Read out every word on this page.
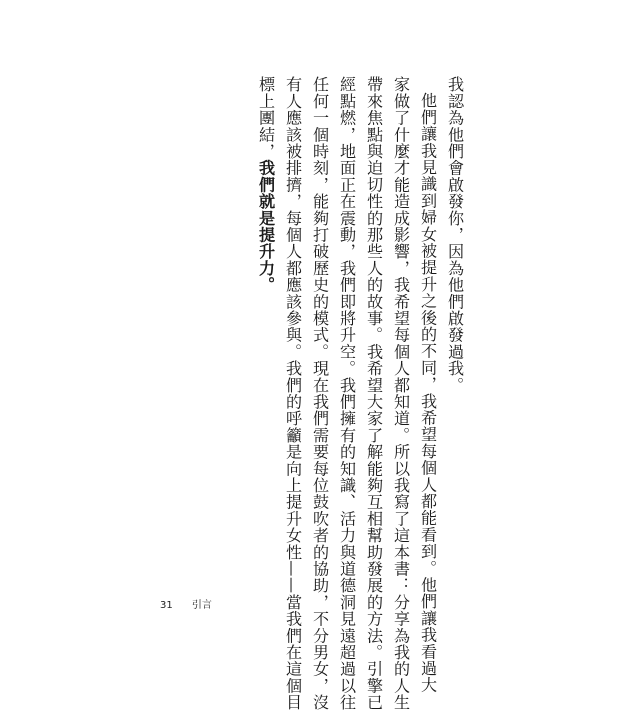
我認為他們會啟發你，因為他們啟發過我。
他們讓我見識到婦女被提升之後的不同，我希望每個人都能看到。他們讓我看過大
家做了什麼才能造成影響，我希望每個人都知道。所以我寫了這本書：分享為我的人生
帶來焦點與迫切性的那些人的故事。我希望大家了解能夠互相幫助發展的方法。引擎已
經點燃，地面正在震動，我們即將升空。我們擁有的知識、活力與道德洞見遠超過以往
任何一個時刻，能夠打破歷史的模式。現在我們需要每位鼓吹者的協助，不分男女，沒
有人應該被排擠，每個人都應該參與。我們的呼籲是向上提升女性——當我們在這個目
標上團結，我們就是提升力。
31 引言
